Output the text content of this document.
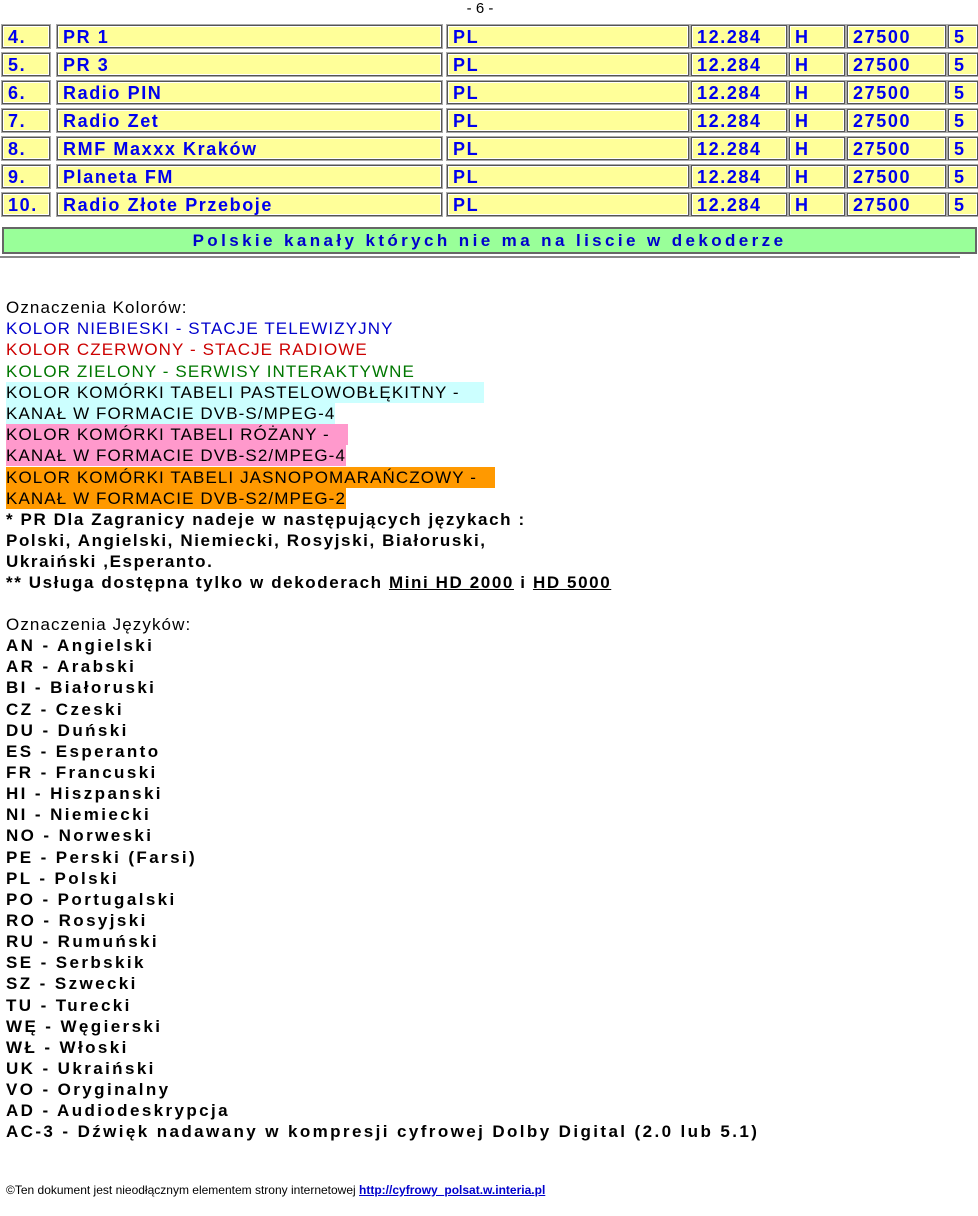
- 6 -
4.	PR 1	PL	12.284	H	27500	5
5.	PR 3	PL	12.284	H	27500	5
6.	Radio PIN	PL	12.284	H	27500	5
7.	Radio Zet	PL	12.284	H	27500	5
8.	RMF Maxxx Kraków	PL	12.284	H	27500	5
9.	Planeta FM	PL	12.284	H	27500	5
10.	Radio Złote Przeboje	PL	12.284	H	27500	5
Polskie kanały których nie ma na liscie w dekoderze
Oznaczenia Kolorów:
KOLOR NIEBIESKI - STACJE TELEWIZYJNY
KOLOR CZERWONY - STACJE RADIOWE
KOLOR ZIELONY - SERWISY INTERAKTYWNE
KOLOR KOMÓRKI TABELI PASTELOWOBŁĘKITNY -
KANAŁ W FORMACIE DVB-S/MPEG-4
KOLOR KOMÓRKI TABELI RÓŻANY -
KANAŁ W FORMACIE DVB-S2/MPEG-4
KOLOR KOMÓRKI TABELI JASNOPOMARAŃCZOWY -
KANAŁ W FORMACIE DVB-S2/MPEG-2
* PR Dla Zagranicy nadeje w następujących językach :
Polski, Angielski, Niemiecki, Rosyjski, Białoruski,
Ukraiński ,Esperanto.
** Usługa dostępna tylko w dekoderach Mini HD 2000 i HD 5000
Oznaczenia Języków:
AN - Angielski
AR - Arabski
BI - Białoruski
CZ - Czeski
DU - Duński
ES - Esperanto
FR - Francuski
HI - Hiszpanski
NI - Niemiecki
NO - Norweski
PE - Perski (Farsi)
PL - Polski
PO - Portugalski
RO - Rosyjski
RU - Rumuński
SE - Serbskik
SZ - Szwecki
TU - Turecki
WĘ - Węgierski
WŁ - Włoski
UK - Ukraiński
VO - Oryginalny
AD - Audiodeskrypcja
AC-3 - Dźwięk nadawany w kompresji cyfrowej Dolby Digital (2.0 lub 5.1)
©Ten dokument jest nieodłącznym elementem strony internetowej http://cyfrowy_polsat.w.interia.pl
